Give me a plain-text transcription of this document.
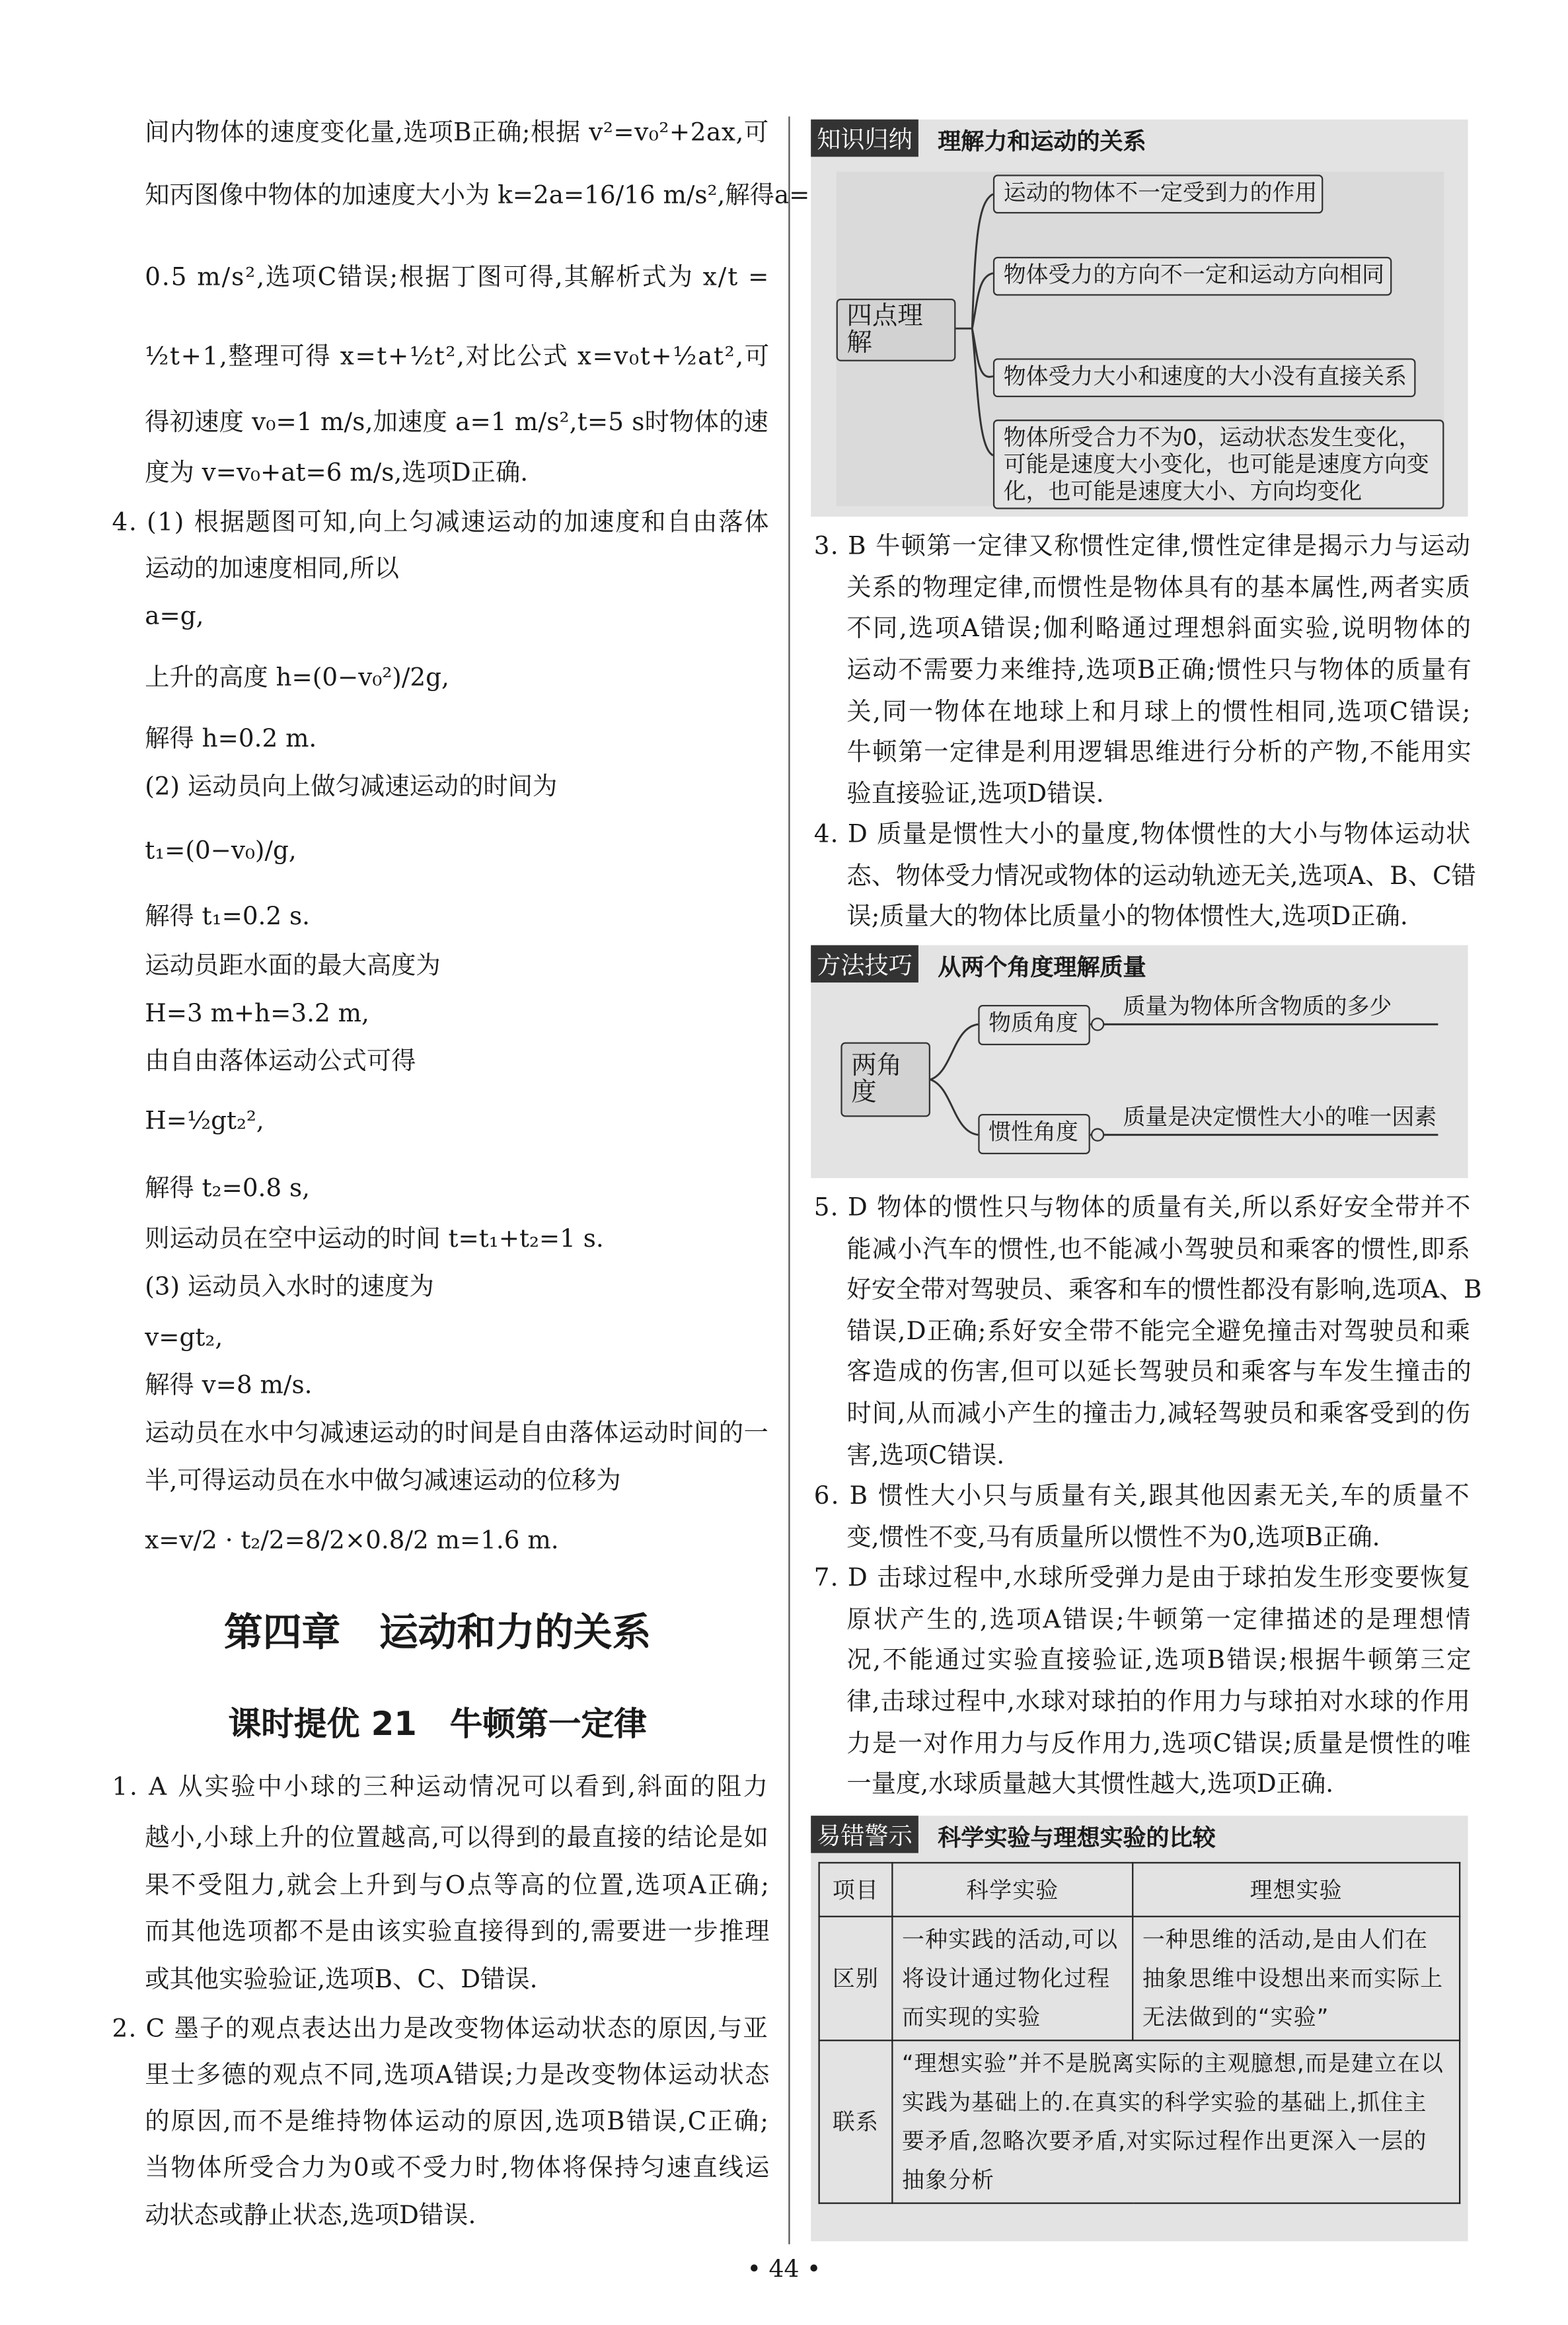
间内物体的速度变化量,选项B正确;根据 v²=v₀²+2ax,可
知丙图像中物体的加速度大小为 k=2a=16/16 m/s²,解得a=
0.5 m/s²,选项C错误;根据丁图可得,其解析式为 x/t =
½t+1,整理可得 x=t+½t²,对比公式 x=v₀t+½at²,可
得初速度 v₀=1 m/s,加速度 a=1 m/s²,t=5 s时物体的速
度为 v=v₀+at=6 m/s,选项D正确.
4. (1) 根据题图可知,向上匀减速运动的加速度和自由落体
运动的加速度相同,所以
a=g,
上升的高度 h=(0−v₀²)/2g,
解得 h=0.2 m.
(2) 运动员向上做匀减速运动的时间为
t₁=(0−v₀)/g,
解得 t₁=0.2 s.
运动员距水面的最大高度为
H=3 m+h=3.2 m,
由自由落体运动公式可得
H=½gt₂²,
解得 t₂=0.8 s,
则运动员在空中运动的时间 t=t₁+t₂=1 s.
(3) 运动员入水时的速度为
v=gt₂,
解得 v=8 m/s.
运动员在水中匀减速运动的时间是自由落体运动时间的一
半,可得运动员在水中做匀减速运动的位移为
x=v/2 · t₂/2=8/2×0.8/2 m=1.6 m.
1. A 从实验中小球的三种运动情况可以看到,斜面的阻力
越小,小球上升的位置越高,可以得到的最直接的结论是如
果不受阻力,就会上升到与O点等高的位置,选项A正确;
而其他选项都不是由该实验直接得到的,需要进一步推理
或其他实验验证,选项B、C、D错误.
2. C 墨子的观点表达出力是改变物体运动状态的原因,与亚
里士多德的观点不同,选项A错误;力是改变物体运动状态
的原因,而不是维持物体运动的原因,选项B错误,C正确;
当物体所受合力为0或不受力时,物体将保持匀速直线运
动状态或静止状态,选项D错误.
第四章　运动和力的关系
课时提优 21　牛顿第一定律
3. B 牛顿第一定律又称惯性定律,惯性定律是揭示力与运动
关系的物理定律,而惯性是物体具有的基本属性,两者实质
不同,选项A错误;伽利略通过理想斜面实验,说明物体的
运动不需要力来维持,选项B正确;惯性只与物体的质量有
关,同一物体在地球上和月球上的惯性相同,选项C错误;
牛顿第一定律是利用逻辑思维进行分析的产物,不能用实
验直接验证,选项D错误.
4. D 质量是惯性大小的量度,物体惯性的大小与物体运动状
态、物体受力情况或物体的运动轨迹无关,选项A、B、C错
误;质量大的物体比质量小的物体惯性大,选项D正确.
5. D 物体的惯性只与物体的质量有关,所以系好安全带并不
能减小汽车的惯性,也不能减小驾驶员和乘客的惯性,即系
好安全带对驾驶员、乘客和车的惯性都没有影响,选项A、B
错误,D正确;系好安全带不能完全避免撞击对驾驶员和乘
客造成的伤害,但可以延长驾驶员和乘客与车发生撞击的
时间,从而减小产生的撞击力,减轻驾驶员和乘客受到的伤
害,选项C错误.
6. B 惯性大小只与质量有关,跟其他因素无关,车的质量不
变,惯性不变,马有质量所以惯性不为0,选项B正确.
7. D 击球过程中,水球所受弹力是由于球拍发生形变要恢复
原状产生的,选项A错误;牛顿第一定律描述的是理想情
况,不能通过实验直接验证,选项B错误;根据牛顿第三定
律,击球过程中,水球对球拍的作用力与球拍对水球的作用
力是一对作用力与反作用力,选项C错误;质量是惯性的唯
一量度,水球质量越大其惯性越大,选项D正确.
知识归纳	理解力和运动的关系
四点理解
运动的物体不一定受到力的作用
物体受力的方向不一定和运动方向相同
物体受力大小和速度的大小没有直接关系
物体所受合力不为0，运动状态发生变化，可能是速度大小变化，也可能是速度方向变化，也可能是速度大小、方向均变化
方法技巧	从两个角度理解质量
两角度
物质角度
惯性角度
质量为物体所含物质的多少
质量是决定惯性大小的唯一因素
易错警示	科学实验与理想实验的比较
项目	科学实验	理想实验
区别	一种实践的活动,可以将设计通过物化过程而实现的实验	一种思维的活动,是由人们在抽象思维中设想出来而实际上无法做到的“实验”
联系	“理想实验”并不是脱离实际的主观臆想,而是建立在以实践为基础上的.在真实的科学实验的基础上,抓住主要矛盾,忽略次要矛盾,对实际过程作出更深入一层的抽象分析	
• 44 •
